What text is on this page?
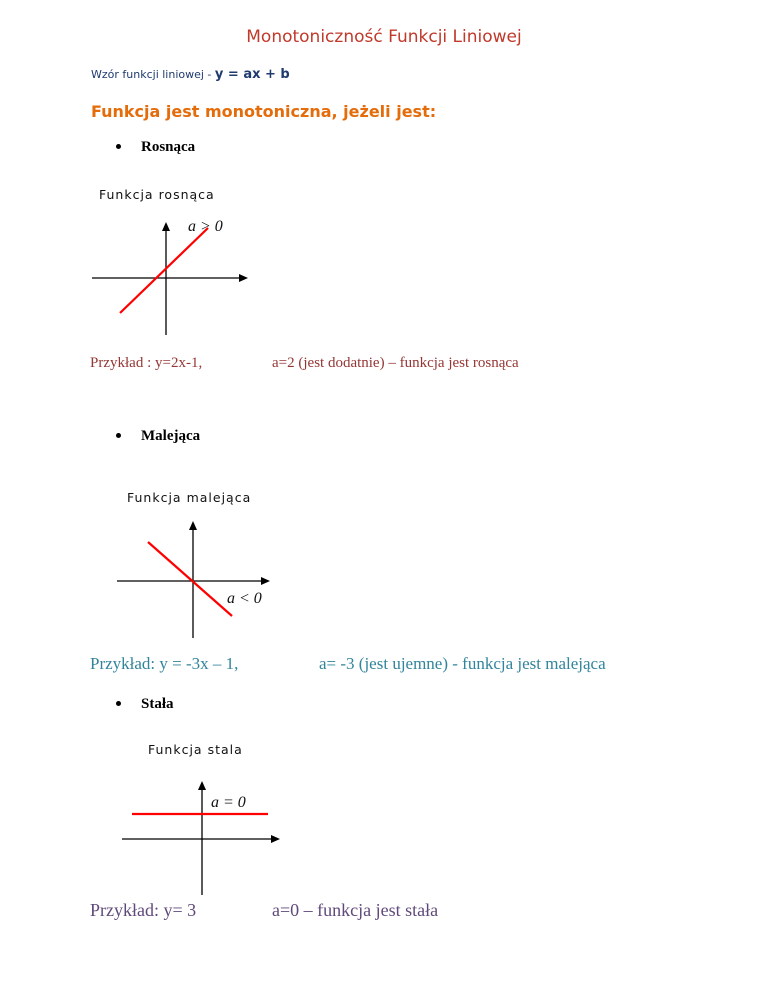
Monotoniczność Funkcji Liniowej
Wzór funkcji liniowej - y = ax + b
Funkcja jest monotoniczna, jeżeli jest:
Rosnąca
Funkcja rosnąca
a > 0
Przykład : y=2x-1,	a=2 (jest dodatnie) – funkcja jest rosnąca
Malejąca
Funkcja malejąca
a < 0
Przykład: y = -3x – 1,	a= -3 (jest ujemne) - funkcja jest malejąca
Stała
Funkcja stala
a = 0
Przykład: y= 3	a=0 – funkcja jest stała
